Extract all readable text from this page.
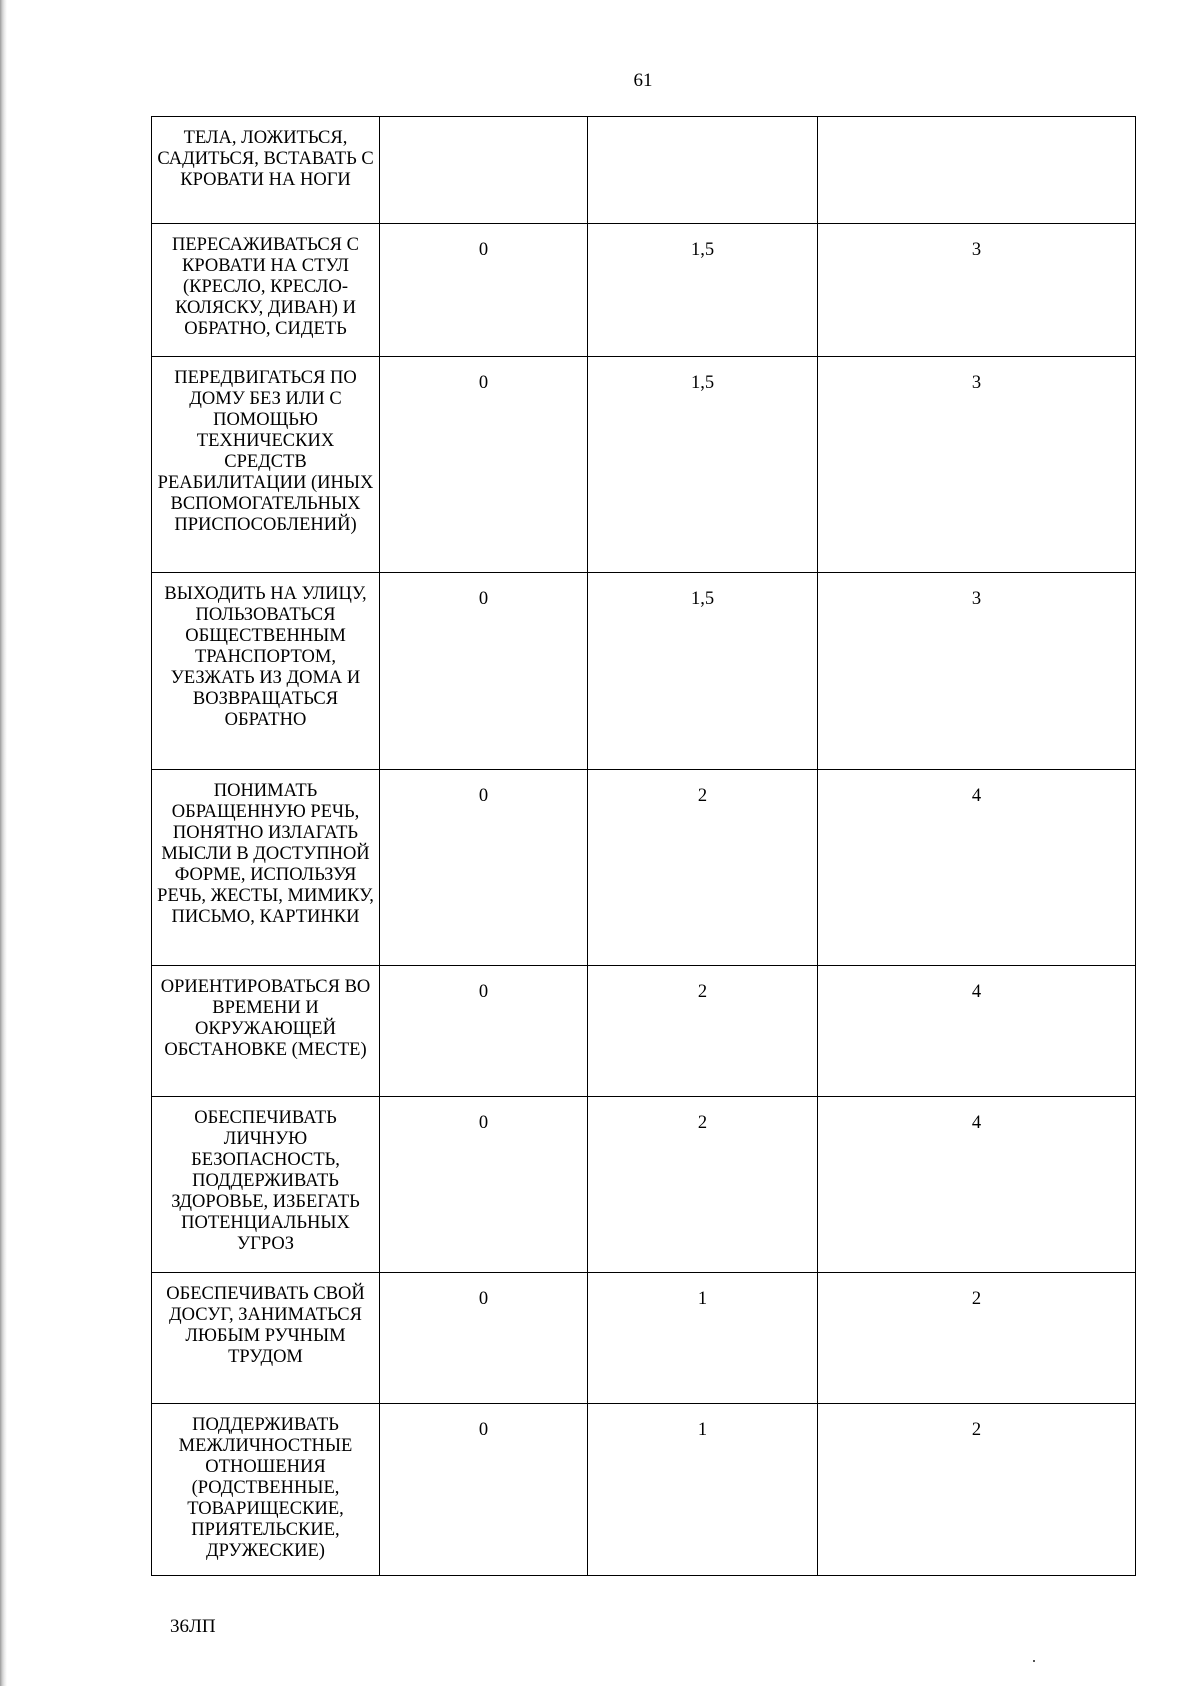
61
ТЕЛА, ЛОЖИТЬСЯ, САДИТЬСЯ, ВСТАВАТЬ С КРОВАТИ НА НОГИ			
ПЕРЕСАЖИВАТЬСЯ С КРОВАТИ НА СТУЛ (КРЕСЛО, КРЕСЛО-КОЛЯСКУ, ДИВАН) И ОБРАТНО, СИДЕТЬ	0	1,5	3
ПЕРЕДВИГАТЬСЯ ПО ДОМУ БЕЗ ИЛИ С ПОМОЩЬЮ ТЕХНИЧЕСКИХ СРЕДСТВ РЕАБИЛИТАЦИИ (ИНЫХ ВСПОМОГАТЕЛЬНЫХ ПРИСПОСОБЛЕНИЙ)	0	1,5	3
ВЫХОДИТЬ НА УЛИЦУ, ПОЛЬЗОВАТЬСЯ ОБЩЕСТВЕННЫМ ТРАНСПОРТОМ, УЕЗЖАТЬ ИЗ ДОМА И ВОЗВРАЩАТЬСЯ ОБРАТНО	0	1,5	3
ПОНИМАТЬ ОБРАЩЕННУЮ РЕЧЬ, ПОНЯТНО ИЗЛАГАТЬ МЫСЛИ В ДОСТУПНОЙ ФОРМЕ, ИСПОЛЬЗУЯ РЕЧЬ, ЖЕСТЫ, МИМИКУ, ПИСЬМО, КАРТИНКИ	0	2	4
ОРИЕНТИРОВАТЬСЯ ВО ВРЕМЕНИ И ОКРУЖАЮЩЕЙ ОБСТАНОВКЕ (МЕСТЕ)	0	2	4
ОБЕСПЕЧИВАТЬ ЛИЧНУЮ БЕЗОПАСНОСТЬ, ПОДДЕРЖИВАТЬ ЗДОРОВЬЕ, ИЗБЕГАТЬ ПОТЕНЦИАЛЬНЫХ УГРОЗ	0	2	4
ОБЕСПЕЧИВАТЬ СВОЙ ДОСУГ, ЗАНИМАТЬСЯ ЛЮБЫМ РУЧНЫМ ТРУДОМ	0	1	2
ПОДДЕРЖИВАТЬ МЕЖЛИЧНОСТНЫЕ ОТНОШЕНИЯ (РОДСТВЕННЫЕ, ТОВАРИЩЕСКИЕ, ПРИЯТЕЛЬСКИЕ, ДРУЖЕСКИЕ)	0	1	2
36ЛП
